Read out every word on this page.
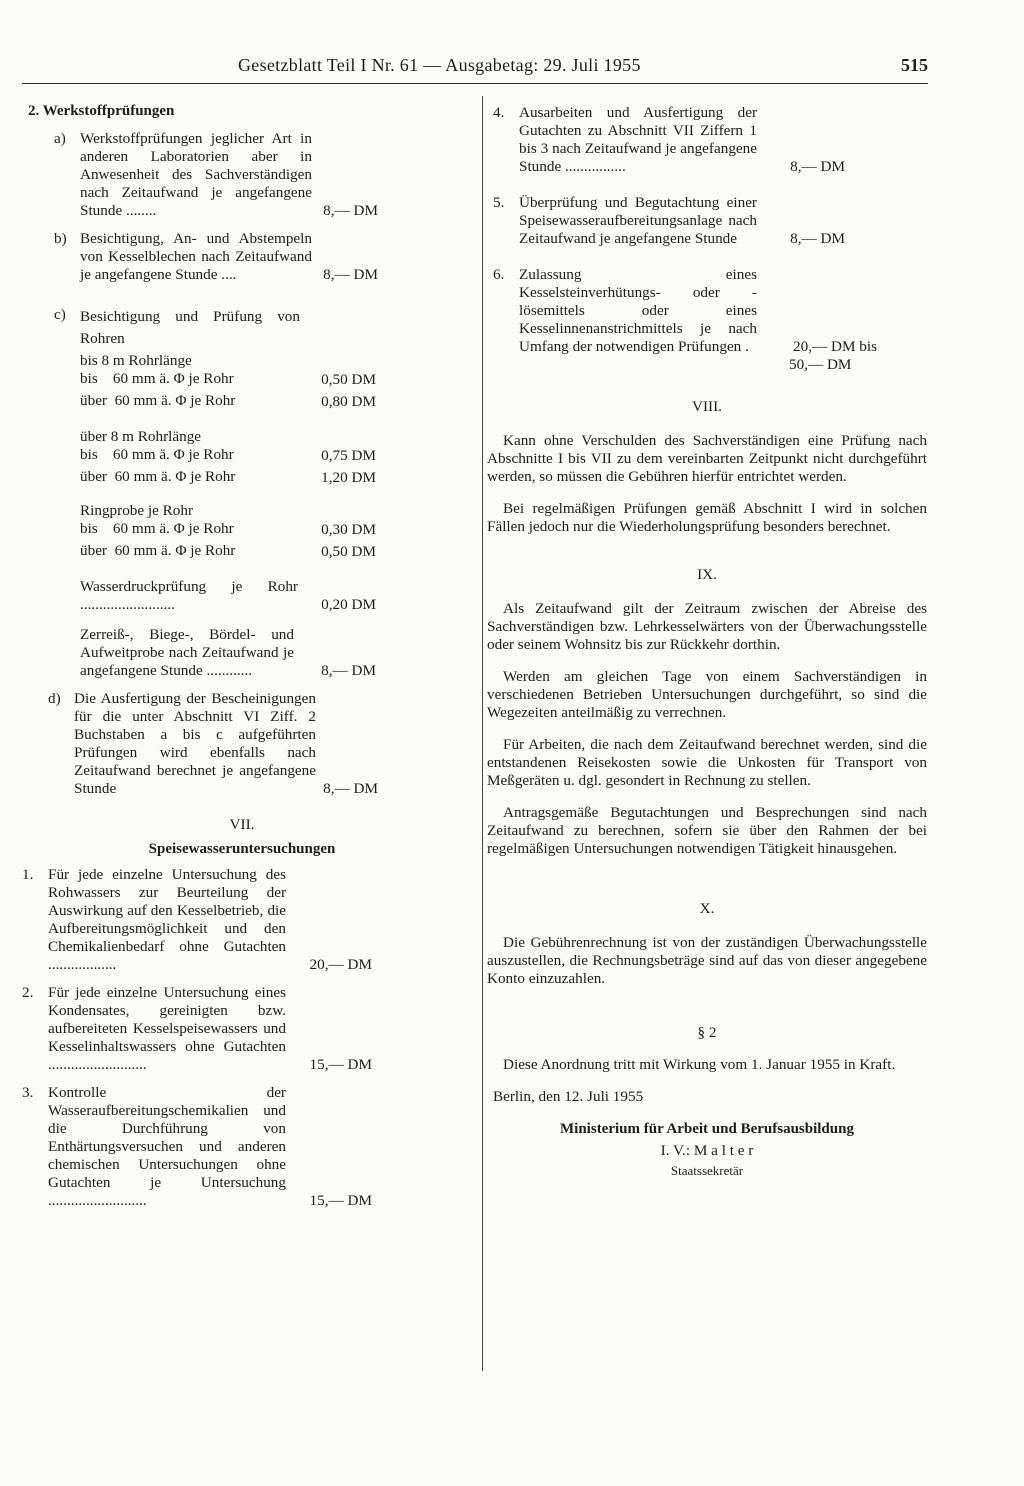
Gesetzblatt Teil I Nr. 61 — Ausgabetag: 29. Juli 1955	515
2. Werkstoffprüfungen
a) Werkstoffprüfungen jeglicher Art in anderen Laboratorien aber in Anwesenheit des Sachverständigen nach Zeitaufwand je angefangene Stunde ........	8,— DM
b) Besichtigung, An- und Abstempeln von Kesselblechen nach Zeitaufwand je angefangene Stunde ....	8,— DM
c) Besichtigung und Prüfung von Rohren
bis 8 m Rohrlänge
bis    60 mm ä. Φ je Rohr	0,50 DM
über  60 mm ä. Φ je Rohr	0,80 DM
über 8 m Rohrlänge
bis    60 mm ä. Φ je Rohr	0,75 DM
über  60 mm ä. Φ je Rohr	1,20 DM
Ringprobe je Rohr
bis    60 mm ä. Φ je Rohr	0,30 DM
über  60 mm ä. Φ je Rohr	0,50 DM
Wasserdruckprüfung je Rohr .........................	0,20 DM
Zerreiß-, Biege-, Bördel- und Aufweitprobe nach Zeitaufwand je angefangene Stunde ............	8,— DM
d) Die Ausfertigung der Bescheinigungen für die unter Abschnitt VI Ziff. 2 Buchstaben a bis c aufgeführten Prüfungen wird ebenfalls nach Zeitaufwand berechnet je angefangene Stunde	8,— DM
VII.
Speisewasseruntersuchungen
1. Für jede einzelne Untersuchung des Rohwassers zur Beurteilung der Auswirkung auf den Kesselbetrieb, die Aufbereitungsmöglichkeit und den Chemikalienbedarf ohne Gutachten ..................	20,— DM
2. Für jede einzelne Untersuchung eines Kondensates, gereinigten bzw. aufbereiteten Kesselspeisewassers und Kesselinhaltswassers ohne Gutachten ..........................	15,— DM
3. Kontrolle der Wasseraufbereitungschemikalien und die Durchführung von Enthärtungsversuchen und anderen chemischen Untersuchungen ohne Gutachten je Untersuchung ..........................	15,— DM
4. Ausarbeiten und Ausfertigung der Gutachten zu Abschnitt VII Ziffern 1 bis 3 nach Zeitaufwand je angefangene Stunde ................	8,— DM
5. Überprüfung und Begutachtung einer Speisewasseraufbereitungsanlage nach Zeitaufwand je angefangene Stunde	8,— DM
6. Zulassung eines Kesselsteinverhütungs- oder -lösemittels oder eines Kesselinnenanstrichmittels je nach Umfang der notwendigen Prüfungen .	20,— DM bis
50,— DM
VIII.

Kann ohne Verschulden des Sachverständigen eine Prüfung nach Abschnitte I bis VII zu dem vereinbarten Zeitpunkt nicht durchgeführt werden, so müssen die Gebühren hierfür entrichtet werden.

Bei regelmäßigen Prüfungen gemäß Abschnitt I wird in solchen Fällen jedoch nur die Wiederholungsprüfung besonders berechnet.

IX.

Als Zeitaufwand gilt der Zeitraum zwischen der Abreise des Sachverständigen bzw. Lehrkesselwärters von der Überwachungsstelle oder seinem Wohnsitz bis zur Rückkehr dorthin.

Werden am gleichen Tage von einem Sachverständigen in verschiedenen Betrieben Untersuchungen durchgeführt, so sind die Wegezeiten anteilmäßig zu verrechnen.

Für Arbeiten, die nach dem Zeitaufwand berechnet werden, sind die entstandenen Reisekosten sowie die Unkosten für Transport von Meßgeräten u. dgl. gesondert in Rechnung zu stellen.

Antragsgemäße Begutachtungen und Besprechungen sind nach Zeitaufwand zu berechnen, sofern sie über den Rahmen der bei regelmäßigen Untersuchungen notwendigen Tätigkeit hinausgehen.

X.

Die Gebührenrechnung ist von der zuständigen Überwachungsstelle auszustellen, die Rechnungsbeträge sind auf das von dieser angegebene Konto einzuzahlen.

§ 2

Diese Anordnung tritt mit Wirkung vom 1. Januar 1955 in Kraft.

Berlin, den 12. Juli 1955
Ministerium für Arbeit und Berufsausbildung
I. V.: M a l t e r
Staatssekretär
